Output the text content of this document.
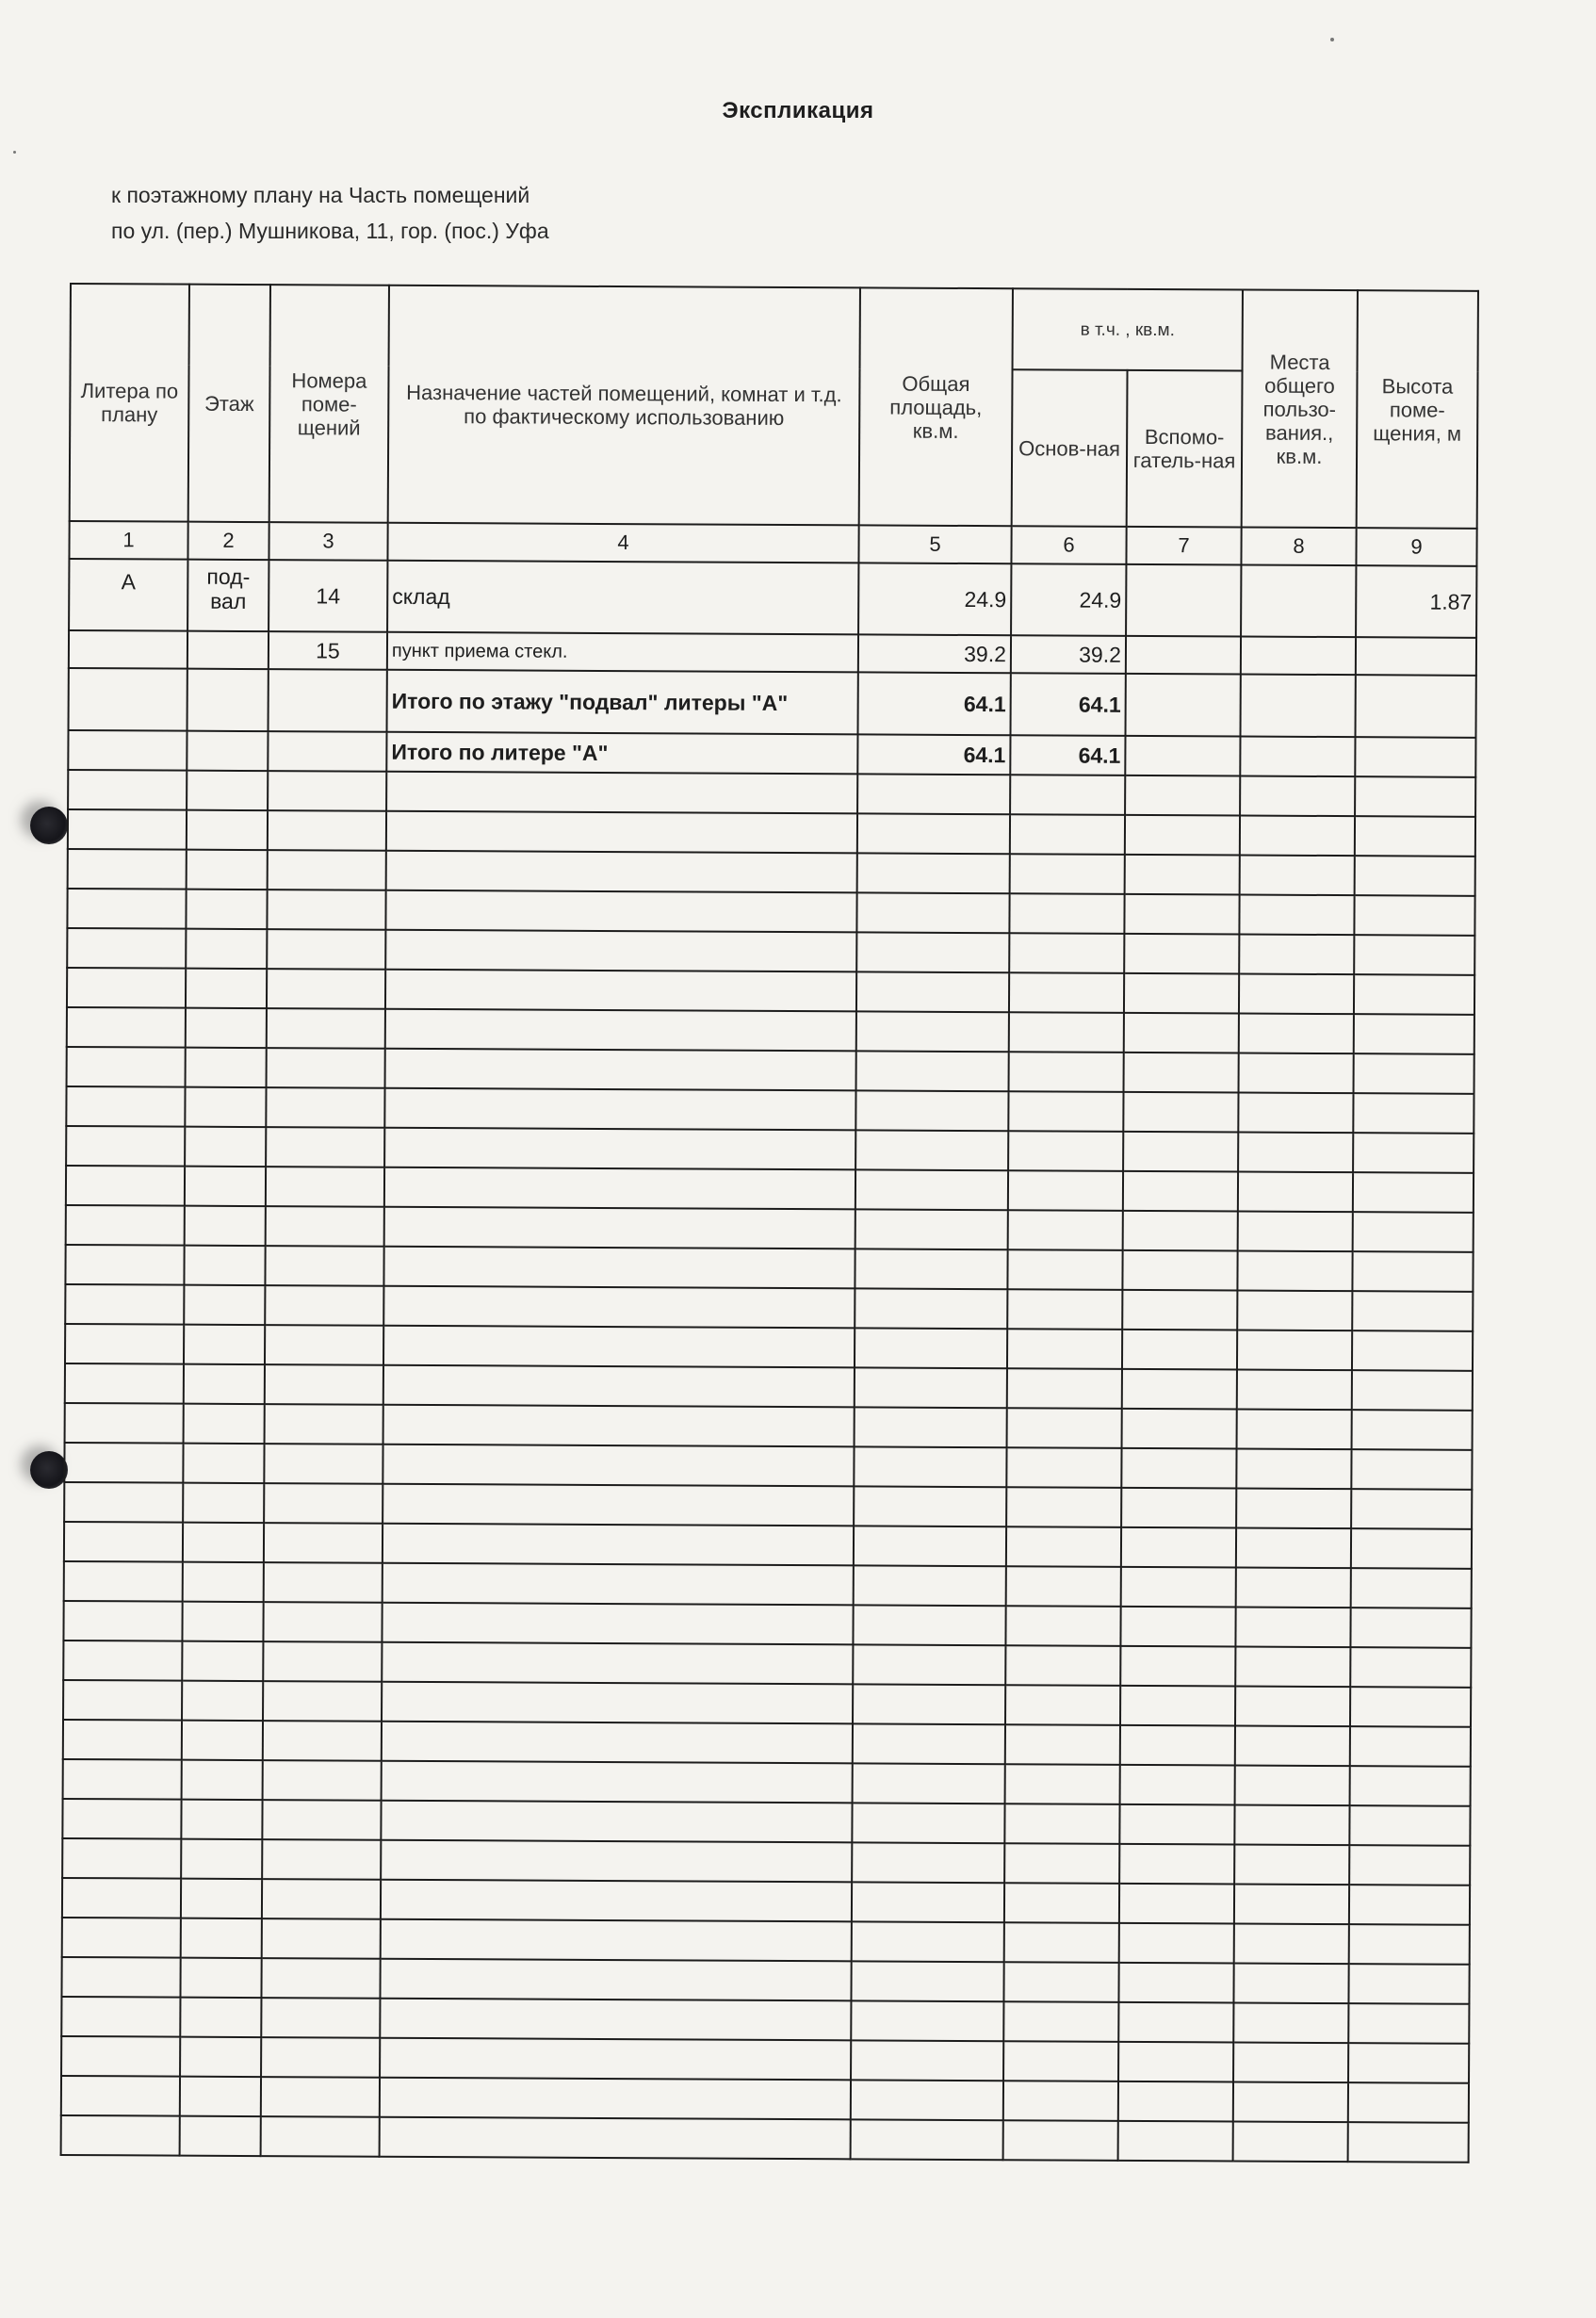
Экспликация
к поэтажному плану на Часть помещений
по ул. (пер.) Мушникова, 11, гор. (пос.) Уфа
Литера по плану	Этаж	Номера поме-щений	Назначение частей помещений, комнат и т.д. по фактическому использованию	Общая площадь, кв.м.	в т.ч. , кв.м.		Места общего пользо-вания., кв.м.	Высота поме-щения, м
					Основ-ная	Вспомо-гатель-ная		
1	2	3	4	5	6	7	8	9
А	под-вал	14	склад	24.9	24.9			1.87
		15	пункт приема стекл.	39.2	39.2			
			Итого по этажу "подвал" литеры "А"	64.1	64.1			
			Итого по литере "А"	64.1	64.1			
